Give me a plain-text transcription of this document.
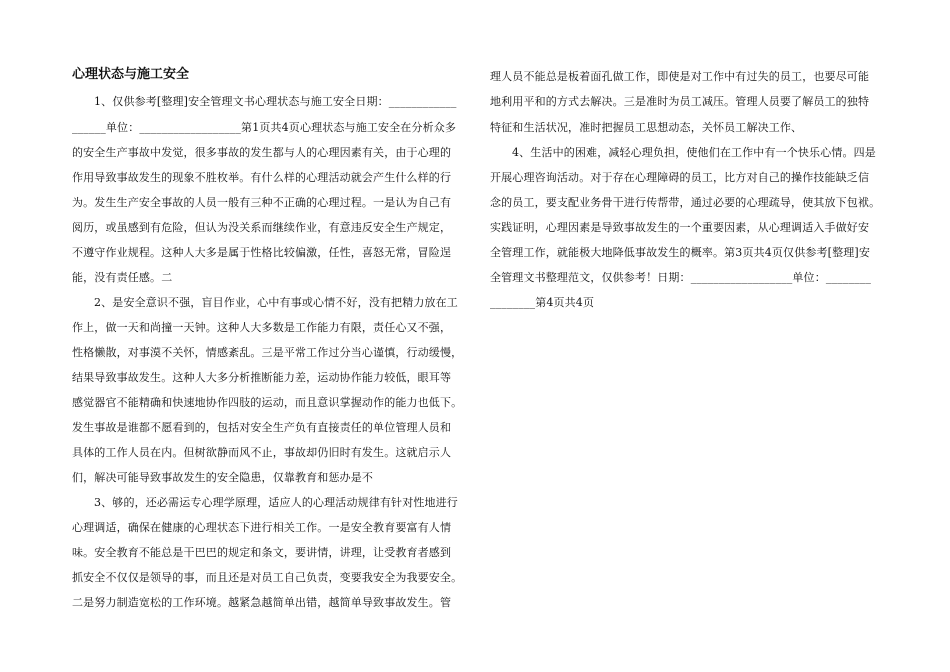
心理状态与施工安全
1、仅供参考[整理]安全管理文书心理状态与施工安全日期：____________
______单位：__________________第1页共4页心理状态与施工安全在分析众多
的安全生产事故中发觉，很多事故的发生都与人的心理因素有关，由于心理的
作用导致事故发生的现象不胜枚举。有什么样的心理活动就会产生什么样的行
为。发生生产安全事故的人员一般有三种不正确的心理过程。一是认为自己有
阅历，或虽感到有危险，但认为没关系而继续作业，有意违反安全生产规定，
不遵守作业规程。这种人大多是属于性格比较偏激，任性，喜怒无常，冒险逞
能，没有责任感。二
2、是安全意识不强，盲目作业，心中有事或心情不好，没有把精力放在工
作上，做一天和尚撞一天钟。这种人大多数是工作能力有限，责任心又不强，
性格懒散，对事漠不关怀，情感紊乱。三是平常工作过分当心谨慎，行动缓慢，
结果导致事故发生。这种人大多分析推断能力差，运动协作能力较低，眼耳等
感觉器官不能精确和快速地协作四肢的运动，而且意识掌握动作的能力也低下。
发生事故是谁都不愿看到的，包括对安全生产负有直接责任的单位管理人员和
具体的工作人员在内。但树欲静而风不止，事故却仍旧时有发生。这就启示人
们，解决可能导致事故发生的安全隐患，仅靠教育和惩办是不
3、够的，还必需运专心理学原理，适应人的心理活动规律有针对性地进行
心理调适，确保在健康的心理状态下进行相关工作。一是安全教育要富有人情
味。安全教育不能总是干巴巴的规定和条文，要讲情，讲理，让受教育者感到
抓安全不仅仅是领导的事，而且还是对员工自己负责，变要我安全为我要安全。
二是努力制造宽松的工作环境。越紧急越简单出错，越简单导致事故发生。管
理人员不能总是板着面孔做工作，即使是对工作中有过失的员工，也要尽可能
地利用平和的方式去解决。三是准时为员工减压。管理人员要了解员工的独特
特征和生活状况，准时把握员工思想动态，关怀员工解决工作、
4、生活中的困难，减轻心理负担，使他们在工作中有一个快乐心情。四是
开展心理咨询活动。对于存在心理障碍的员工，比方对自己的操作技能缺乏信
念的员工，要支配业务骨干进行传帮带，通过必要的心理疏导，使其放下包袱。
实践证明，心理因素是导致事故发生的一个重要因素，从心理调适入手做好安
全管理工作，就能极大地降低事故发生的概率。第3页共4页仅供参考[整理]安
全管理文书整理范文，仅供参考！日期：__________________单位：________
________第4页共4页
